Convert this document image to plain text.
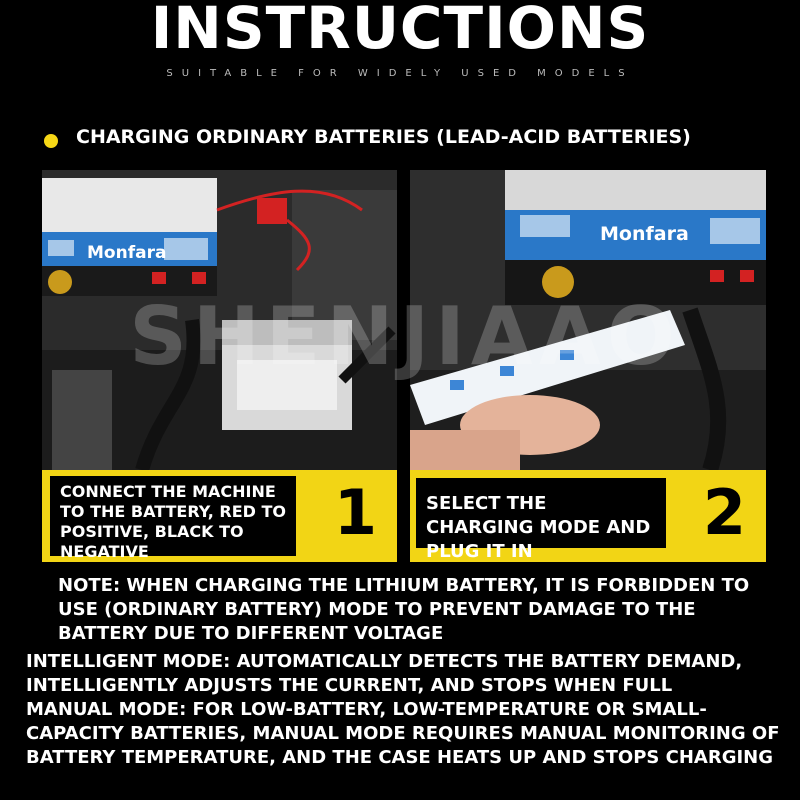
INSTRUCTIONS
SUITABLE FOR WIDELY USED MODELS
CHARGING ORDINARY BATTERIES (LEAD-ACID BATTERIES)
Monfara
Monfara
SHENJIAAO
CONNECT THE MACHINE TO THE BATTERY, RED TO POSITIVE, BLACK TO NEGATIVE
1	SELECT THE CHARGING MODE AND PLUG IT IN
2
NOTE: WHEN CHARGING THE LITHIUM BATTERY, IT IS FORBIDDEN TO USE (ORDINARY BATTERY) MODE TO PREVENT DAMAGE TO THE BATTERY DUE TO DIFFERENT VOLTAGE
INTELLIGENT MODE: AUTOMATICALLY DETECTS THE BATTERY DEMAND, INTELLIGENTLY ADJUSTS THE CURRENT, AND STOPS WHEN FULL
MANUAL MODE: FOR LOW-BATTERY, LOW-TEMPERATURE OR SMALL-CAPACITY BATTERIES, MANUAL MODE REQUIRES MANUAL MONITORING OF BATTERY TEMPERATURE, AND THE CASE HEATS UP AND STOPS CHARGING
